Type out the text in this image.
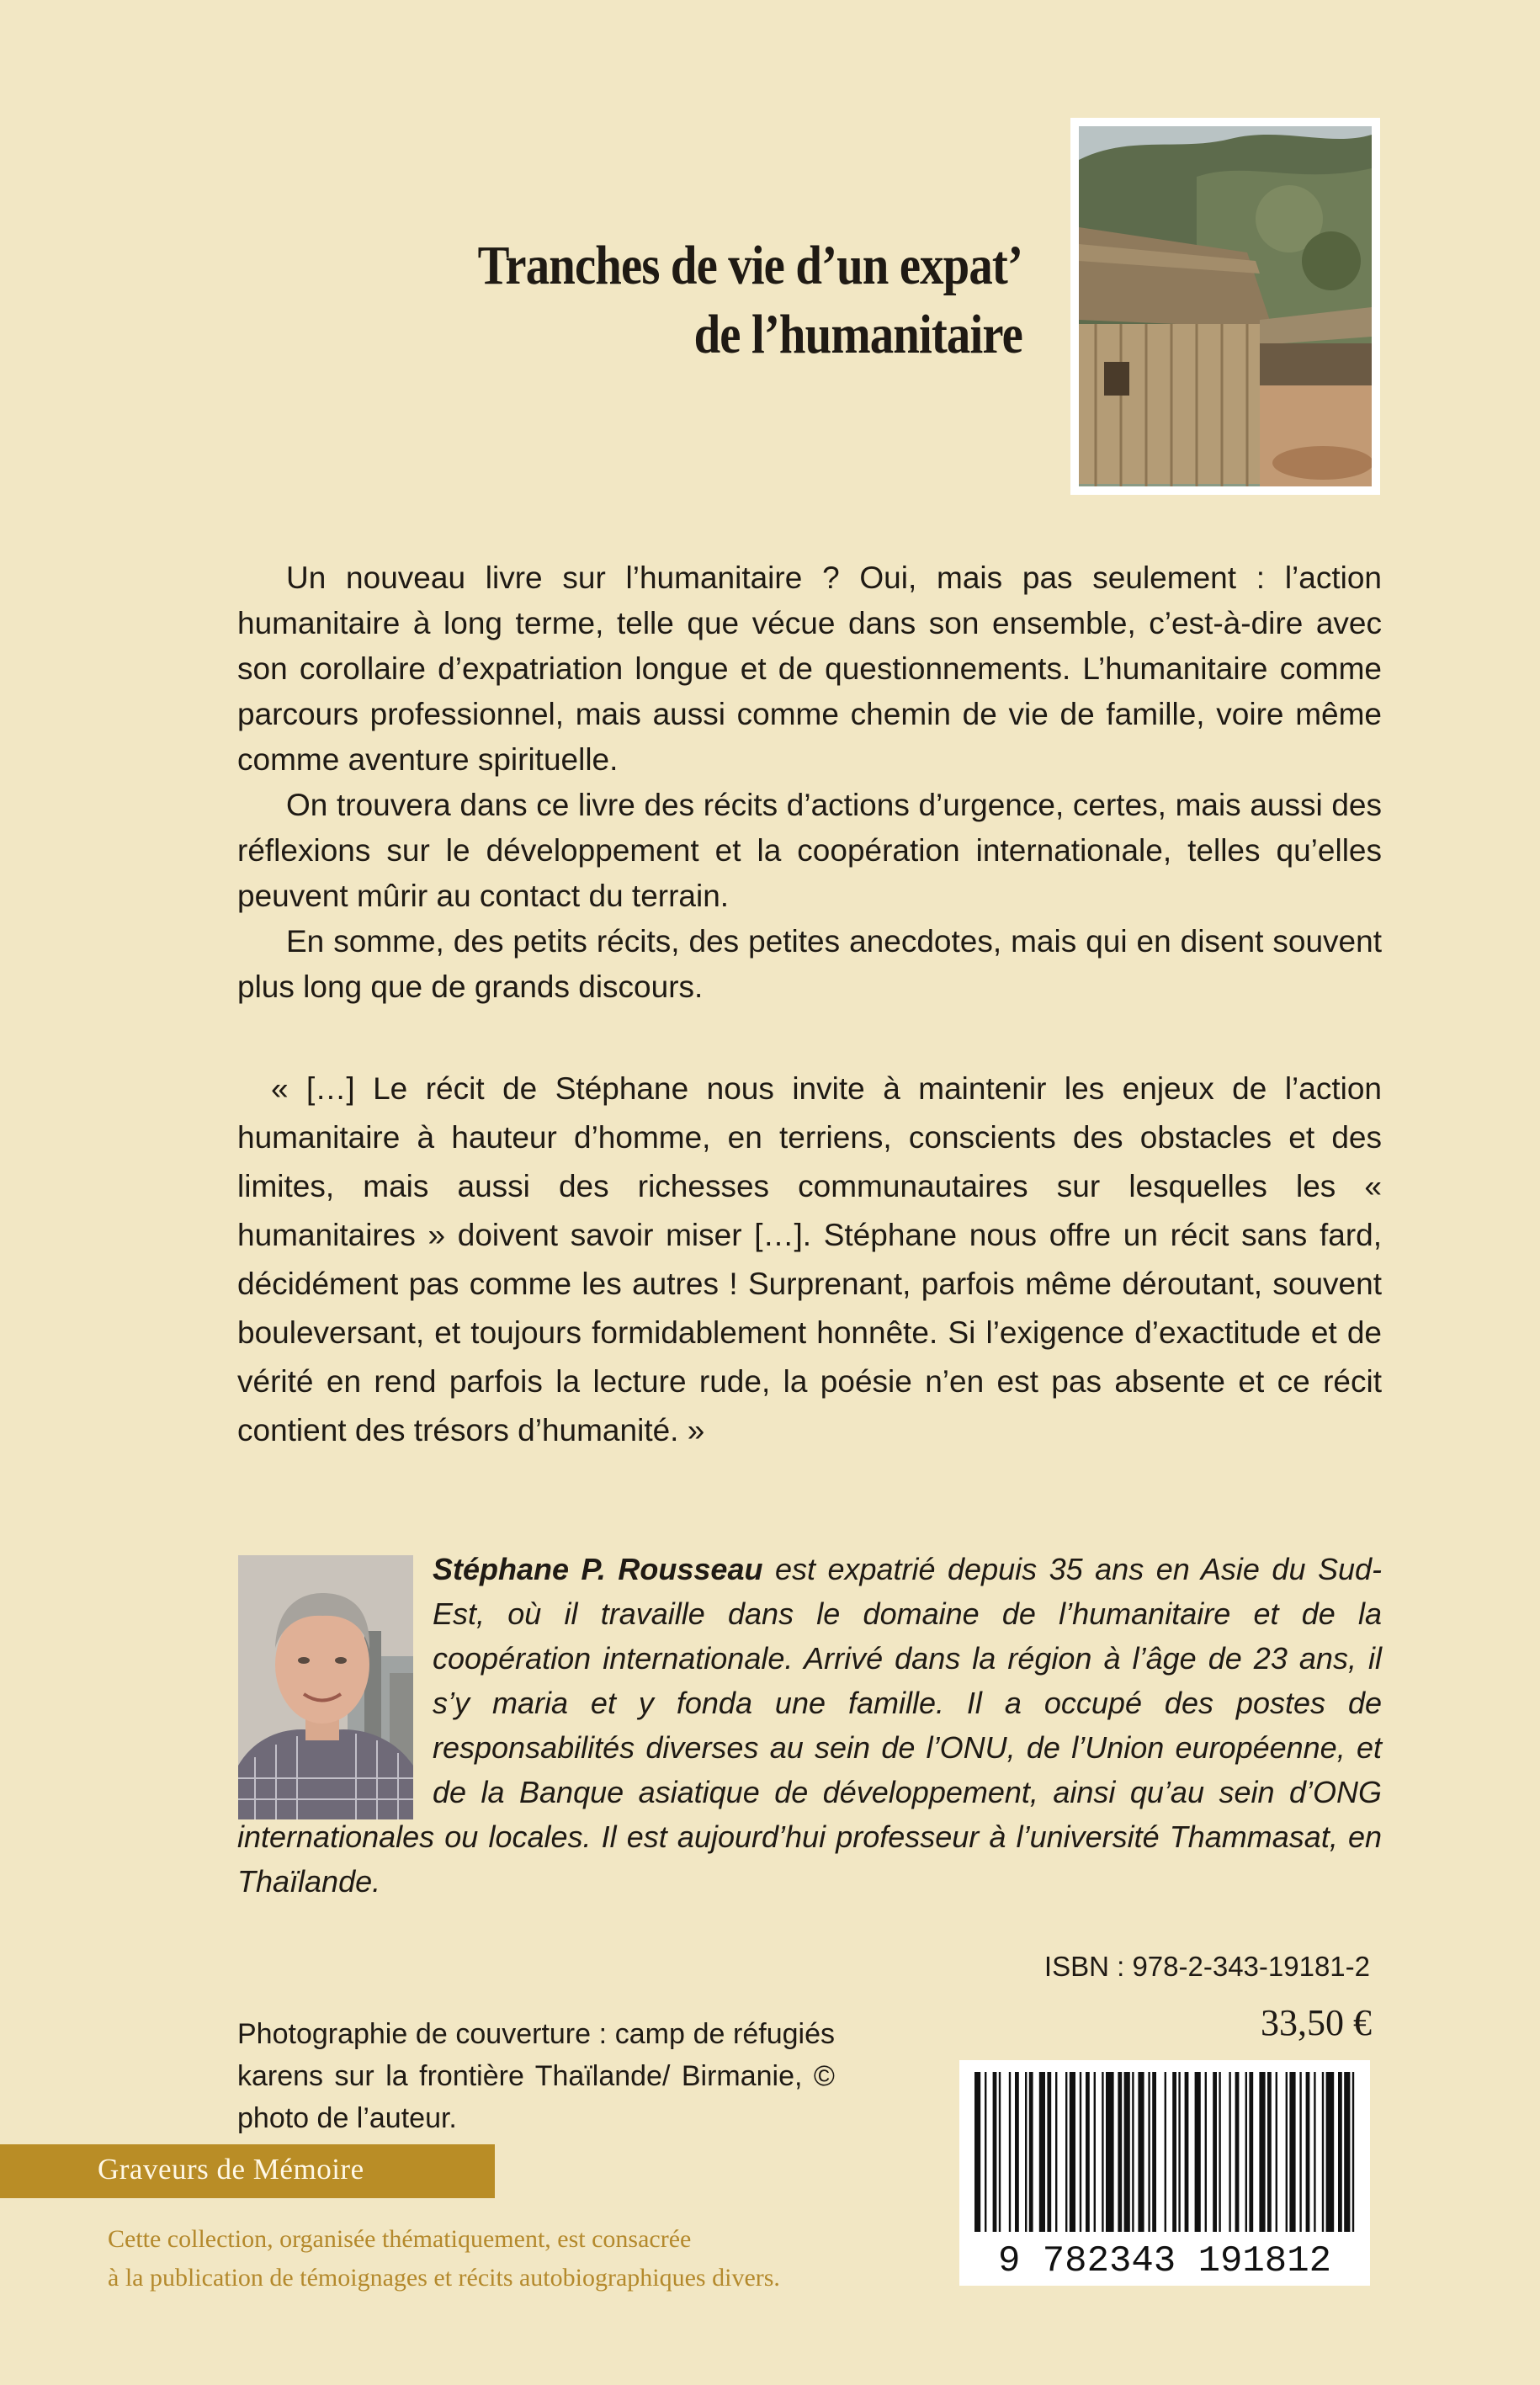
Tranches de vie d’un expat’
de l’humanitaire

Un nouveau livre sur l’humanitaire ? Oui, mais pas seulement : l’action humanitaire à long terme, telle que vécue dans son ensemble, c’est-à-dire avec son corollaire d’expatriation longue et de questionnements. L’humanitaire comme parcours professionnel, mais aussi comme chemin de vie de famille, voire même comme aventure spirituelle.

On trouvera dans ce livre des récits d’actions d’urgence, certes, mais aussi des réflexions sur le développement et la coopération internationale, telles qu’elles peuvent mûrir au contact du terrain.

En somme, des petits récits, des petites anecdotes, mais qui en disent souvent plus long que de grands discours.

« […] Le récit de Stéphane nous invite à maintenir les enjeux de l’action humanitaire à hauteur d’homme, en terriens, conscients des obstacles et des limites, mais aussi des richesses communautaires sur lesquelles les « humanitaires » doivent savoir miser […]. Stéphane nous offre un récit sans fard, décidément pas comme les autres ! Surprenant, parfois même déroutant, souvent bouleversant, et toujours formidablement honnête. Si l’exigence d’exactitude et de vérité en rend parfois la lecture rude, la poésie n’en est pas absente et ce récit contient des trésors d’humanité. »

Stéphane P. Rousseau est expatrié depuis 35 ans en Asie du Sud-Est, où il travaille dans le domaine de l’humanitaire et de la coopération internationale. Arrivé dans la région à l’âge de 23 ans, il s’y maria et y fonda une famille. Il a occupé des postes de responsabilités diverses au sein de l’ONU, de l’Union européenne, et de la Banque asiatique de développement, ainsi qu’au sein d’ONG internationales ou locales. Il est aujourd’hui professeur à l’université Thammasat, en Thaïlande.

ISBN : 978-2-343-19181-2
33,50 €

Photographie de couverture : camp de réfugiés karens sur la frontière Thaïlande/ Birmanie, © photo de l’auteur.

9 782343 191812
Graveurs de Mémoire
Cette collection, organisée thématiquement, est consacrée
à la publication de témoignages et récits autobiographiques divers.
